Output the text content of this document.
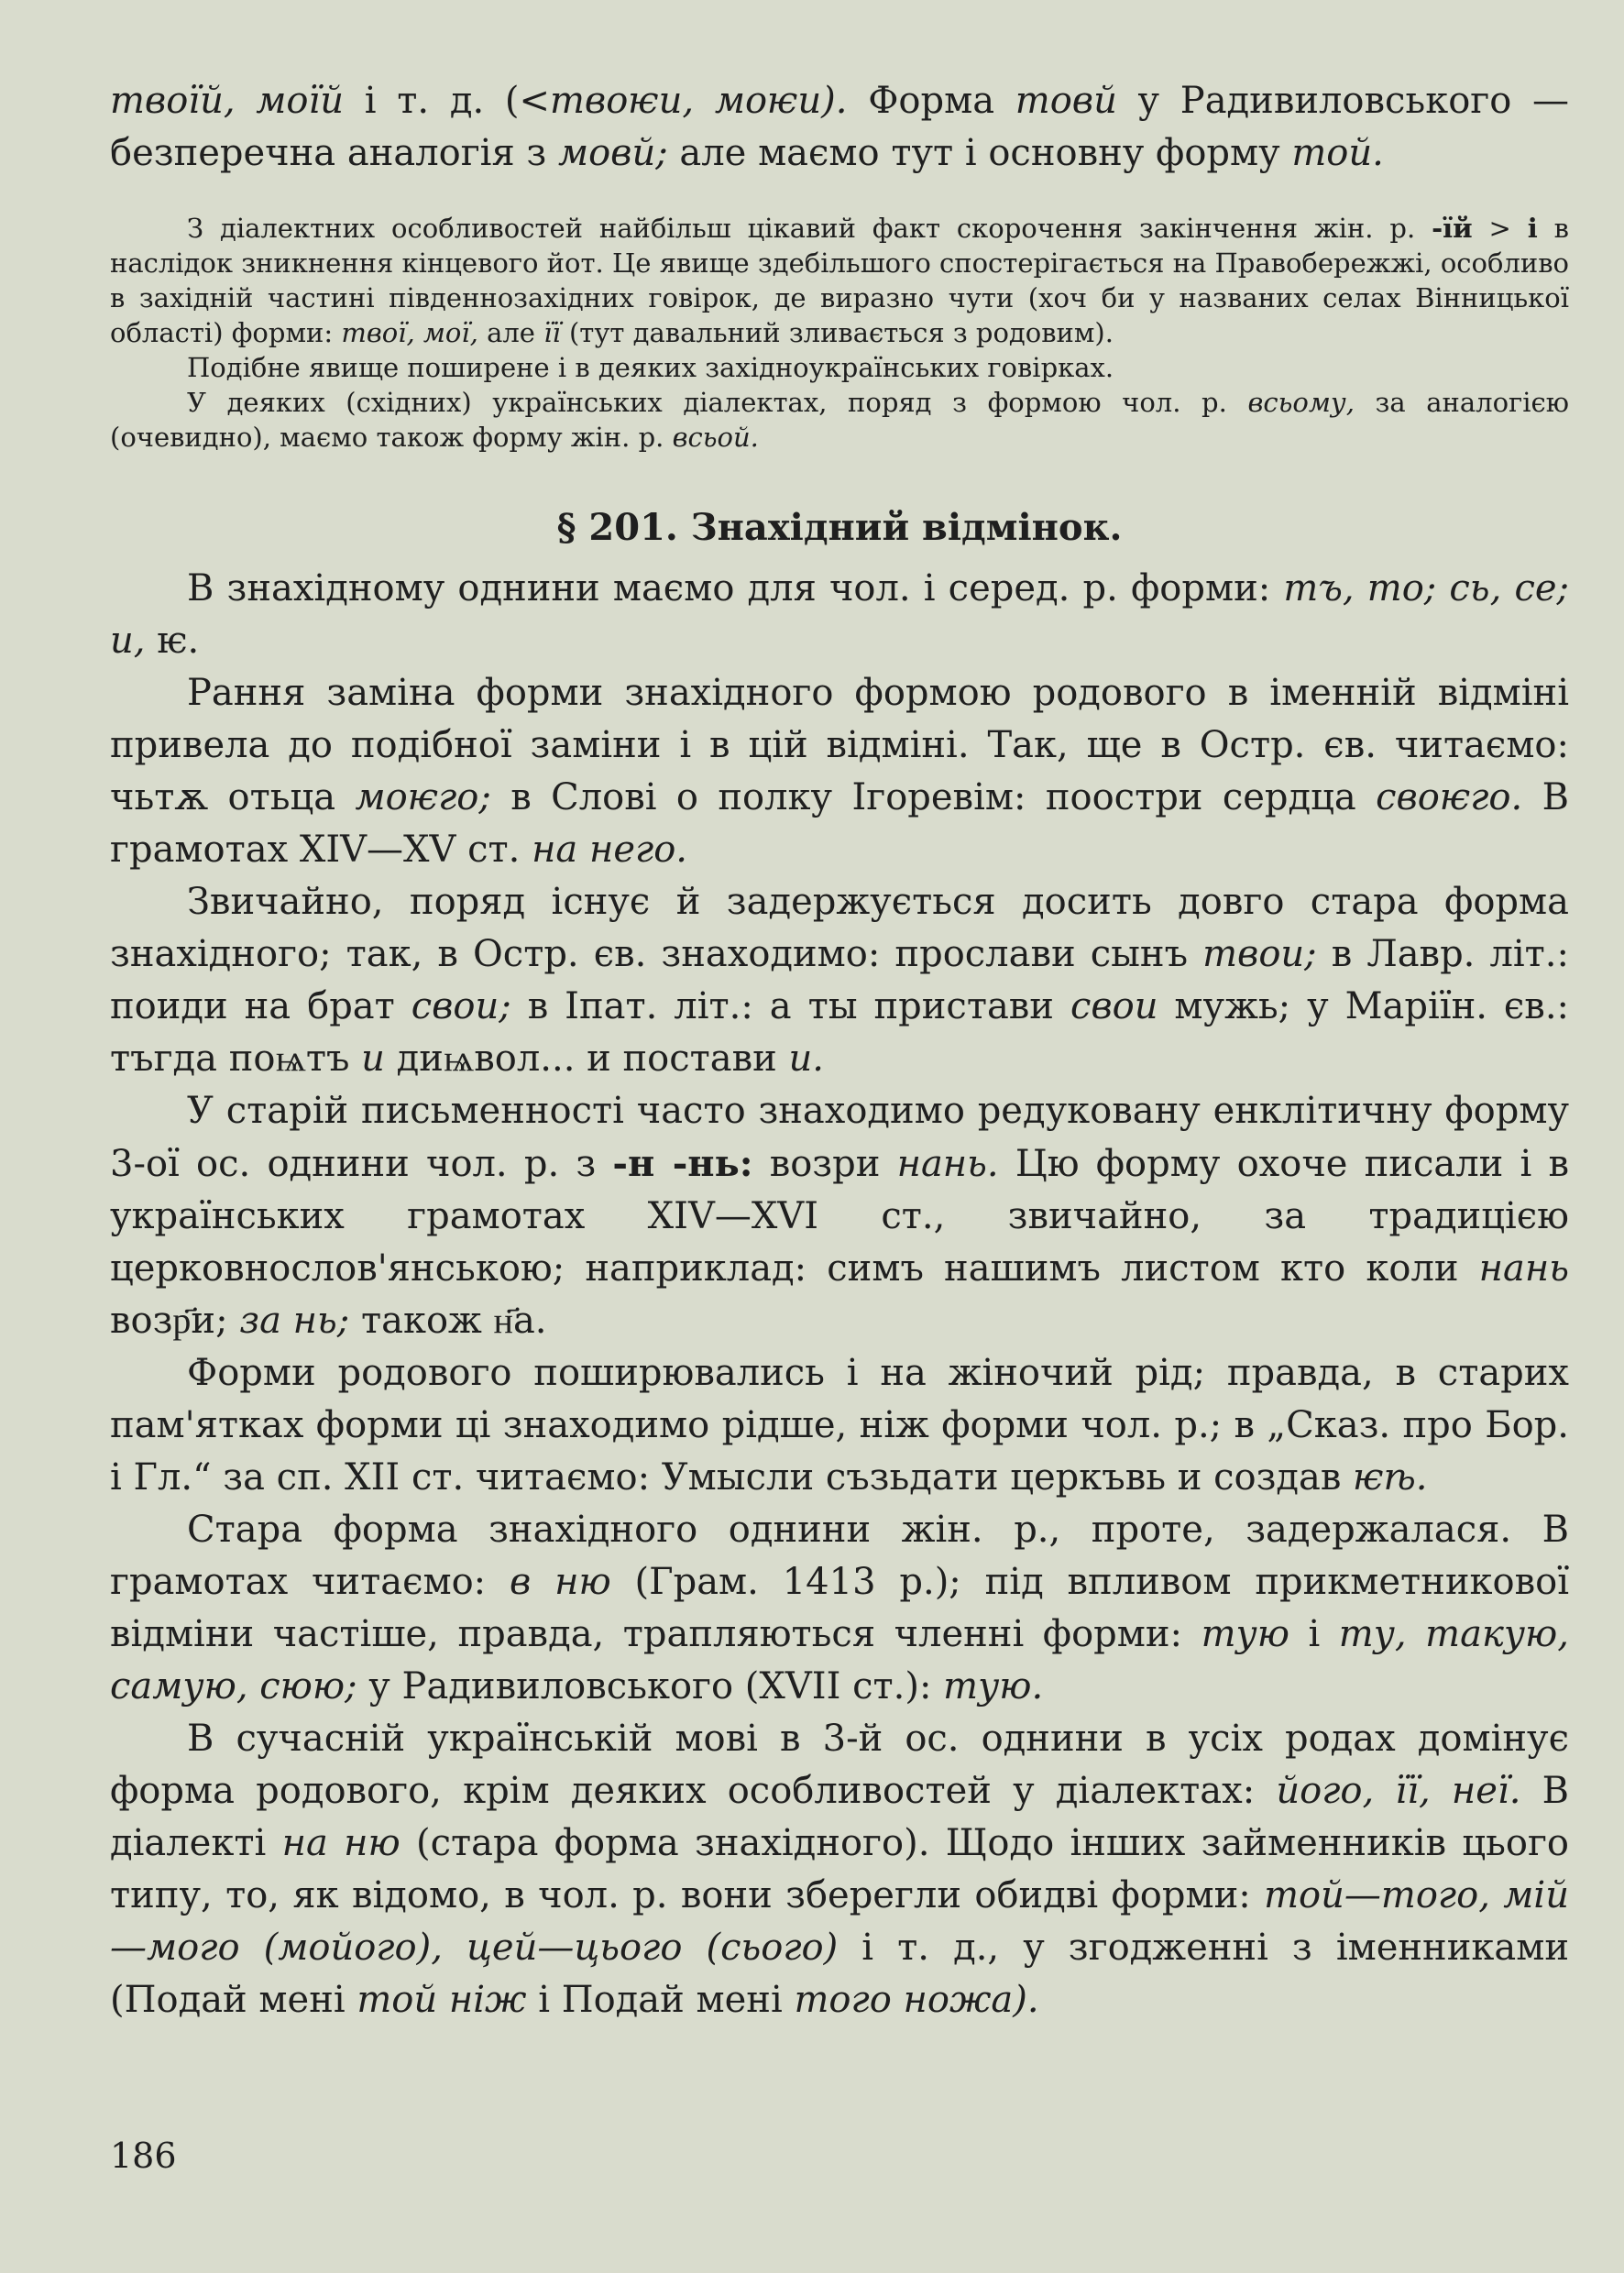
твоїй, моїй і т. д. (<твоѥи, моѥи). Форма товй у Радивиловського — безперечна аналогія з мовй; але маємо тут і основну форму той.

З діалектних особливостей найбільш цікавий факт скорочення закінчення жін. р. -їй > і в наслідок зникнення кінцевого йот. Це явище здебільшого спостерігається на Правобережжі, особливо в західній частині південнозахідних говірок, де виразно чути (хоч би у названих селах Вінницької області) форми: твої, мої, але її (тут давальний зливається з родовим).

Подібне явище поширене і в деяких західноукраїнських говірках.

У деяких (східних) українських діалектах, поряд з формою чол. р. всьому, за аналогією (очевидно), маємо також форму жін. р. всьой.

§ 201. Знахідний відмінок.

В знахідному однини маємо для чол. і серед. р. форми: тъ, то; сь, се; и, ѥ.

Рання заміна форми знахідного формою родового в іменній відміні привела до подібної заміни і в цій відміні. Так, ще в Остр. єв. читаємо: чьтѫ отьца моѥго; в Слові о полку Ігоревім: поостри сердца своѥго. В грамотах XIV—XV ст. на него.

Звичайно, поряд існує й задержується досить довго стара форма знахідного; так, в Остр. єв. знаходимо: прослави сынъ твои; в Лавр. літ.: поиди на брат свои; в Іпат. літ.: а ты пристави свои мужь; у Маріїн. єв.: тъгда поѩтъ и диѩвол... и постави и.

У старій письменності часто знаходимо редуковану енклітичну форму 3-ої ос. однини чол. р. з -н -нь: возри нань. Цю форму охоче писали і в українських грамотах XIV—XVI ст., звичайно, за традицією церковнослов'янською; наприклад: симъ нашимъ листом кто коли нань возр҃и; за нь; також н҃а.

Форми родового поширювались і на жіночий рід; правда, в старих пам'ятках форми ці знаходимо рідше, ніж форми чол. р.; в „Сказ. про Бор. і Гл.“ за сп. XII ст. читаємо: Умысли съзьдати церкъвь и создав ѥѣ.

Стара форма знахідного однини жін. р., проте, задержалася. В грамотах читаємо: в ню (Грам. 1413 р.); під впливом прикметникової відміни частіше, правда, трапляються членні форми: тую і ту, такую, самую, сюю; у Радивиловського (XVII ст.): тую.

В сучасній українській мові в 3-й ос. однини в усіх родах домінує форма родового, крім деяких особливостей у діалектах: його, її, неї. В діалекті на ню (стара форма знахідного). Щодо інших займенників цього типу, то, як відомо, в чол. р. вони зберегли обидві форми: той—того, мій—мого (мойого), цей—цього (сього) і т. д., у згодженні з іменниками (Подай мені той ніж і Подай мені того ножа).

186
